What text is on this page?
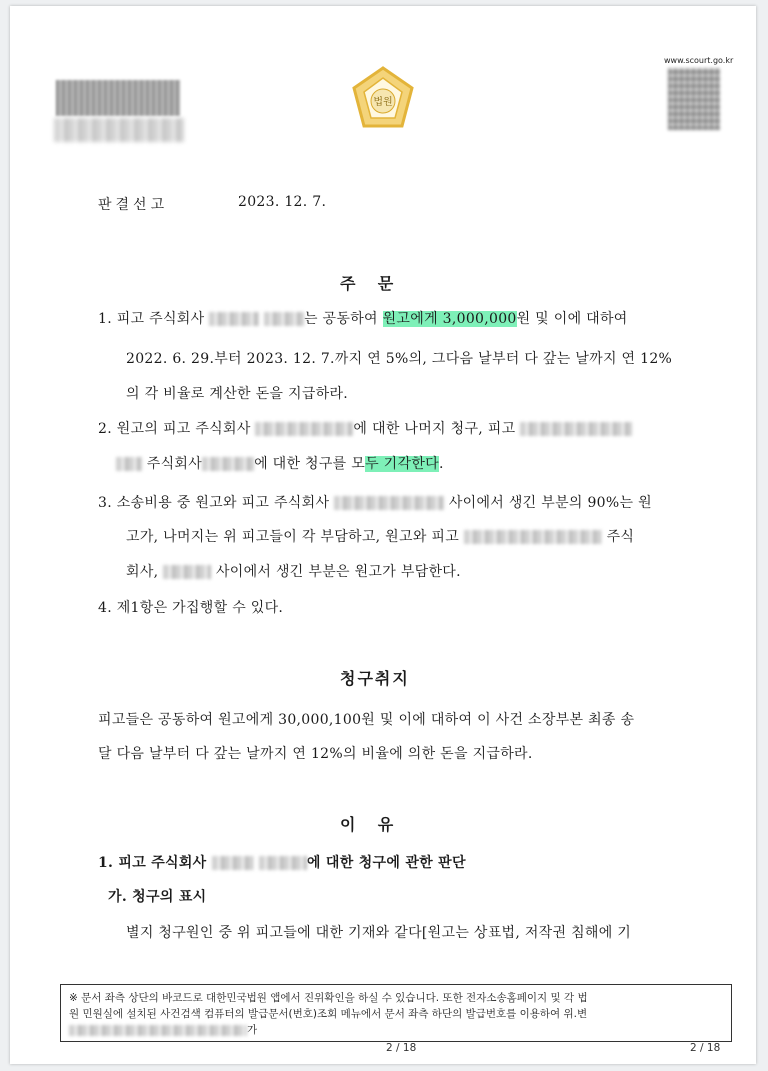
법원
www.scourt.go.kr
판결선고	2023. 12. 7.
주    문
1. 피고 주식회사	는 공동하여 원고에게 3,000,000원 및 이에 대하여
2022. 6. 29.부터 2023. 12. 7.까지 연 5%의, 그다음 날부터 다 갚는 날까지 연 12%
의 각 비율로 계산한 돈을 지급하라.
2. 원고의 피고 주식회사	에 대한 나머지 청구, 피고
주식회사	에 대한 청구를 모두 기각한다.
3. 소송비용 중 원고와 피고 주식회사	사이에서 생긴 부분의 90%는 원
고가, 나머지는 위 피고들이 각 부담하고, 원고와 피고	주식
회사,	사이에서 생긴 부분은 원고가 부담한다.
4. 제1항은 가집행할 수 있다.
청구취지
피고들은 공동하여 원고에게 30,000,100원 및 이에 대하여 이 사건 소장부본 최종 송
달 다음 날부터 다 갚는 날까지 연 12%의 비율에 의한 돈을 지급하라.
이    유
1. 피고 주식회사	에 대한 청구에 관한 판단
가. 청구의 표시
별지 청구원인 중 위 피고들에 대한 기재와 같다[원고는 상표법, 저작권 침해에 기
※ 문서 좌측 상단의 바코드로 대한민국법원 앱에서 진위확인을 하실 수 있습니다. 또한 전자소송홈페이지 및 각 법
원 민원실에 설치된 사건검색 컴퓨터의 발급문서(번호)조회 메뉴에서 문서 좌측 하단의 발급번호를 이용하여 위.변
가
2 / 18	2 / 18
